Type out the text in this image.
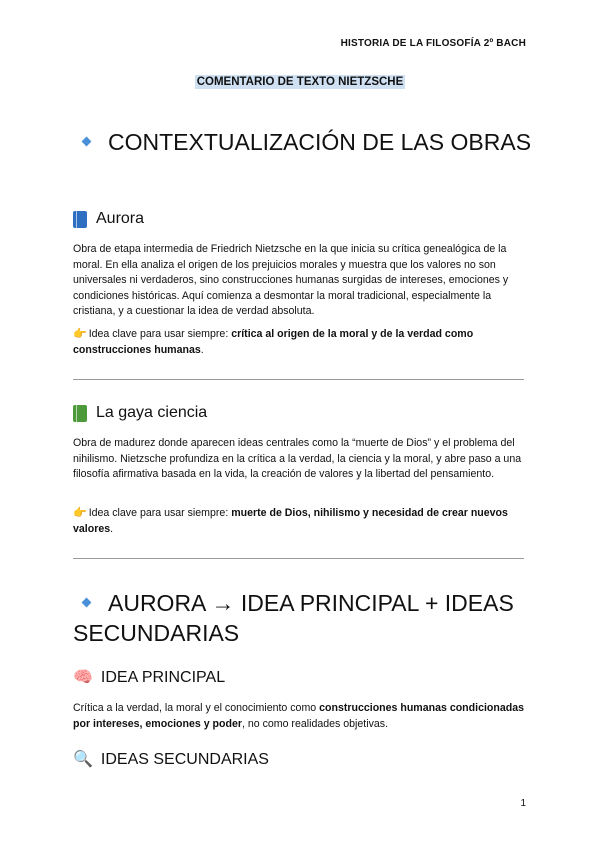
HISTORIA DE LA FILOSOFÍA 2º BACH
COMENTARIO DE TEXTO NIETZSCHE
CONTEXTUALIZACIÓN DE LAS OBRAS
Aurora
Obra de etapa intermedia de Friedrich Nietzsche en la que inicia su crítica genealógica de la moral. En ella analiza el origen de los prejuicios morales y muestra que los valores no son universales ni verdaderos, sino construcciones humanas surgidas de intereses, emociones y condiciones históricas. Aquí comienza a desmontar la moral tradicional, especialmente la cristiana, y a cuestionar la idea de verdad absoluta.
👉 Idea clave para usar siempre: crítica al origen de la moral y de la verdad como construcciones humanas.
La gaya ciencia
Obra de madurez donde aparecen ideas centrales como la “muerte de Dios” y el problema del nihilismo. Nietzsche profundiza en la crítica a la verdad, la ciencia y la moral, y abre paso a una filosofía afirmativa basada en la vida, la creación de valores y la libertad del pensamiento.
👉 Idea clave para usar siempre: muerte de Dios, nihilismo y necesidad de crear nuevos valores.
AURORA → IDEA PRINCIPAL + IDEAS SECUNDARIAS
🧠 IDEA PRINCIPAL
Crítica a la verdad, la moral y el conocimiento como construcciones humanas condicionadas por intereses, emociones y poder, no como realidades objetivas.
🔍 IDEAS SECUNDARIAS
1
